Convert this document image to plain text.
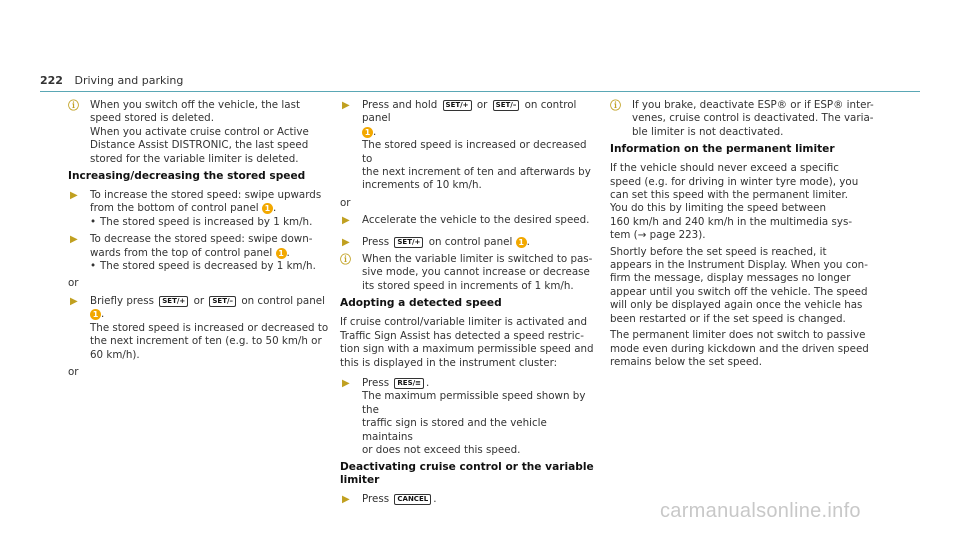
222 Driving and parking
ⓘ When you switch off the vehicle, the last
speed stored is deleted.
When you activate cruise control or Active
Distance Assist DISTRONIC, the last speed
stored for the variable limiter is deleted.
Increasing/decreasing the stored speed
▶ To increase the stored speed: swipe upwards
from the bottom of control panel 1 .
• The stored speed is increased by 1 km/h.
▶ To decrease the stored speed: swipe down-
wards from the top of control panel 1 .
• The stored speed is decreased by 1 km/h.
or
▶ Briefly press SET/+ or SET/– on control panel
1 .
The stored speed is increased or decreased to
the next increment of ten (e.g. to 50 km/h or
60 km/h).
or
▶ Press and hold SET/+ or SET/– on control panel
1 .
The stored speed is increased or decreased to
the next increment of ten and afterwards by
increments of 10 km/h.
or
▶ Accelerate the vehicle to the desired speed.
▶ Press SET/+ on control panel 1 .
ⓘ When the variable limiter is switched to pas-
sive mode, you cannot increase or decrease
its stored speed in increments of 1 km/h.
Adopting a detected speed
If cruise control/variable limiter is activated and
Traffic Sign Assist has detected a speed restric-
tion sign with a maximum permissible speed and
this is displayed in the instrument cluster:
▶ Press RES/≡ .
The maximum permissible speed shown by the
traffic sign is stored and the vehicle maintains
or does not exceed this speed.
Deactivating cruise control or the variable limiter
▶ Press CANCEL .
ⓘ If you brake, deactivate ESP® or if ESP® inter-
venes, cruise control is deactivated. The varia-
ble limiter is not deactivated.
Information on the permanent limiter
If the vehicle should never exceed a specific
speed (e.g. for driving in winter tyre mode), you
can set this speed with the permanent limiter.
You do this by limiting the speed between
160 km/h and 240 km/h in the multimedia sys-
tem (→ page 223).
Shortly before the set speed is reached, it
appears in the Instrument Display. When you con-
firm the message, display messages no longer
appear until you switch off the vehicle. The speed
will only be displayed again once the vehicle has
been restarted or if the set speed is changed.
The permanent limiter does not switch to passive
mode even during kickdown and the driven speed
remains below the set speed.
carmanualsonline.info
